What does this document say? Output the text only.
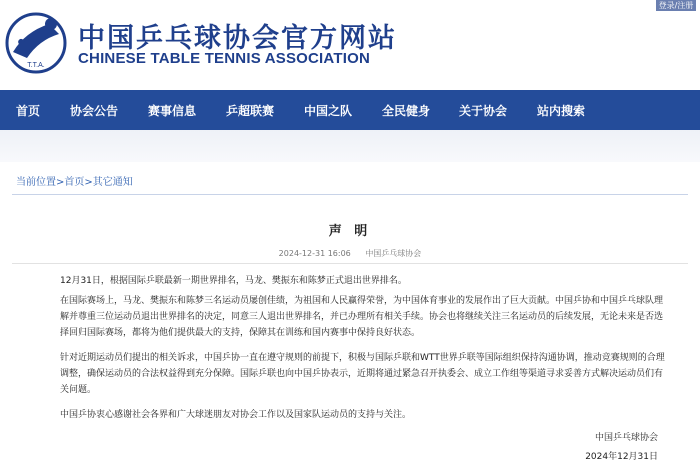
T.T.A.
中国乒乓球协会官方网站
CHINESE TABLE TENNIS ASSOCIATION
登录/注册
首页 协会公告 赛事信息 乒超联赛 中国之队 全民健身 关于协会 站内搜索
当前位置>首页>其它通知
声 明
2024-12-31 16:06 中国乒乓球协会
12月31日，根据国际乒联最新一期世界排名，马龙、樊振东和陈梦正式退出世界排名。
在国际赛场上，马龙、樊振东和陈梦三名运动员屡创佳绩，为祖国和人民赢得荣誉，为中国体育事业的发展作出了巨大贡献。中国乒协和中国乒乓球队理解并尊重三位运动员退出世界排名的决定，同意三人退出世界排名，并已办理所有相关手续。协会也将继续关注三名运动员的后续发展，无论未来是否选择回归国际赛场，都将为他们提供最大的支持，保障其在训练和国内赛事中保持良好状态。
针对近期运动员们提出的相关诉求，中国乒协一直在遵守规则的前提下，积极与国际乒联和WTT世界乒联等国际组织保持沟通协调，推动竞赛规则的合理调整，确保运动员的合法权益得到充分保障。国际乒联也向中国乒协表示，近期将通过紧急召开执委会、成立工作组等渠道寻求妥善方式解决运动员们有关问题。
中国乒协衷心感谢社会各界和广大球迷朋友对协会工作以及国家队运动员的支持与关注。
中国乒乓球协会
2024年12月31日
